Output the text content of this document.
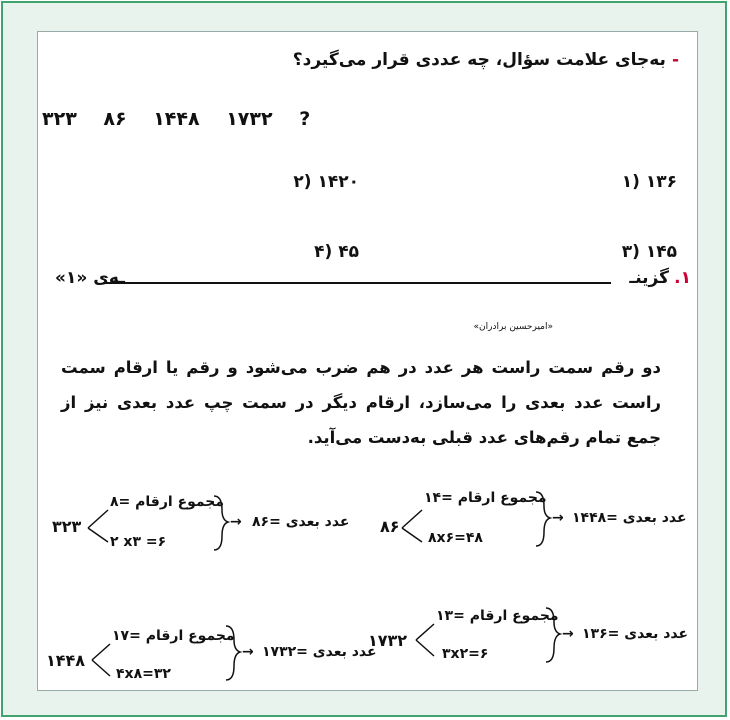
-به‌جای علامت سؤال، چه عددی قرار می‌گیرد؟
۳۲۳ ۸۶ ۱۴۴۸ ۱۷۳۲ ?
۱۳۶ (۱
۱۴۲۰ (۲
۱۴۵ (۳
۴۵ (۴
۱.
گزینـ
ـه‌ی «۱»
«امیرحسین برادران»
دو رقم سمت راست هر عدد در هم ضرب می‌شود و رقم یا ارقام سمت راست عدد بعدی را می‌سازد، ارقام دیگر در سمت چپ عدد بعدی نیز از جمع تمام رقم‌های عدد قبلی به‌دست می‌آید.
۳۲۳
۸= مجموع ارقام
۲ x۳ =۶
→ ۸۶= عدد بعدی ۸۶
۱۴= مجموع ارقام
۸x۶=۴۸
→ ۱۴۴۸= عدد بعدی
۱۴۴۸
۱۷= مجموع ارقام
۴x۸=۳۲
→ ۱۷۳۲= عدد بعدی
۱۷۳۲
۱۳= مجموع ارقام
۳x۲=۶
→ ۱۳۶= عدد بعدی
